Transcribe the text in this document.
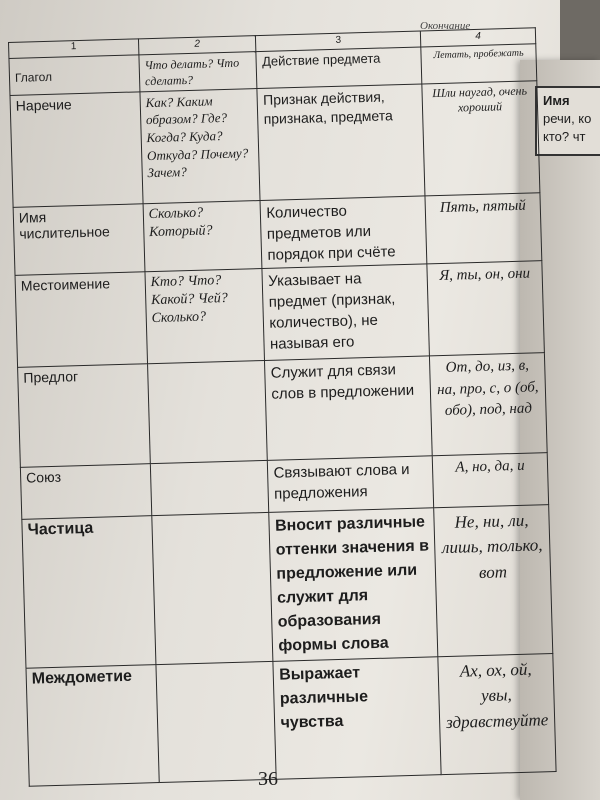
Имя
речи, ко
кто? чт
Окончание
1	2	3	4
Глагол	Что делать? Что сделать?	Действие предмета	Летать, пробежать
Наречие	Как? Каким образом? Где? Когда? Куда? Откуда? Почему? Зачем?	Признак действия, признака, предмета	Шли наугад, очень хороший
Имя числительное	Сколько? Который?	Количество предметов или порядок при счёте	Пять, пятый
Местоимение	Кто? Что? Какой? Чей? Сколько?	Указывает на предмет (признак, количество), не называя его	Я, ты, он, они
Предлог		Служит для связи слов в предложении	От, до, из, в, на, про, с, о (об, обо), под, над
Союз		Связывают слова и предложения	А, но, да, и
Частица		Вносит различные оттенки значения в предложение или служит для образования формы слова	Не, ни, ли, лишь, только, вот
Междометие		Выражает различные чувства	Ах, ох, ой, увы, здравствуйте
36
